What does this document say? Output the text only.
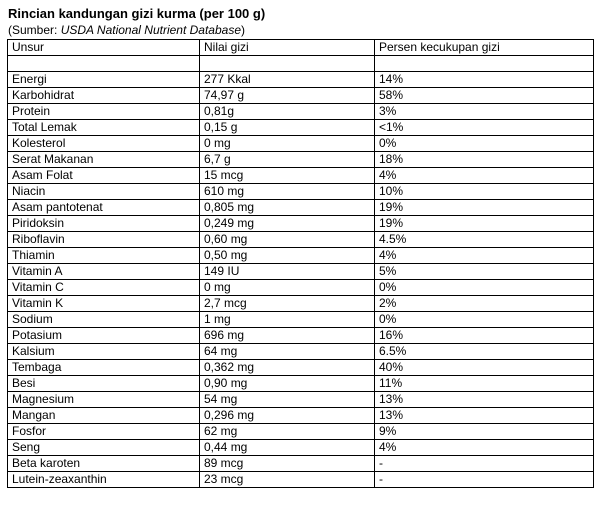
Rincian kandungan gizi kurma (per 100 g)
(Sumber: USDA National Nutrient Database)
Unsur	Nilai gizi	Persen kecukupan gizi

Energi	277 Kkal	14%
Karbohidrat	74,97 g	58%
Protein	0,81g	3%
Total Lemak	0,15 g	<1%
Kolesterol	0 mg	0%
Serat Makanan	6,7 g	18%
Asam Folat	15 mcg	4%
Niacin	610 mg	10%
Asam pantotenat	0,805 mg	19%
Piridoksin	0,249 mg	19%
Riboflavin	0,60 mg	4.5%
Thiamin	0,50 mg	4%
Vitamin A	149 IU	5%
Vitamin C	0 mg	0%
Vitamin K	2,7 mcg	2%
Sodium	1 mg	0%
Potasium	696 mg	16%
Kalsium	64 mg	6.5%
Tembaga	0,362 mg	40%
Besi	0,90 mg	11%
Magnesium	54 mg	13%
Mangan	0,296 mg	13%
Fosfor	62 mg	9%
Seng	0,44 mg	4%
Beta karoten	89 mcg	-
Lutein-zeaxanthin	23 mcg	-
